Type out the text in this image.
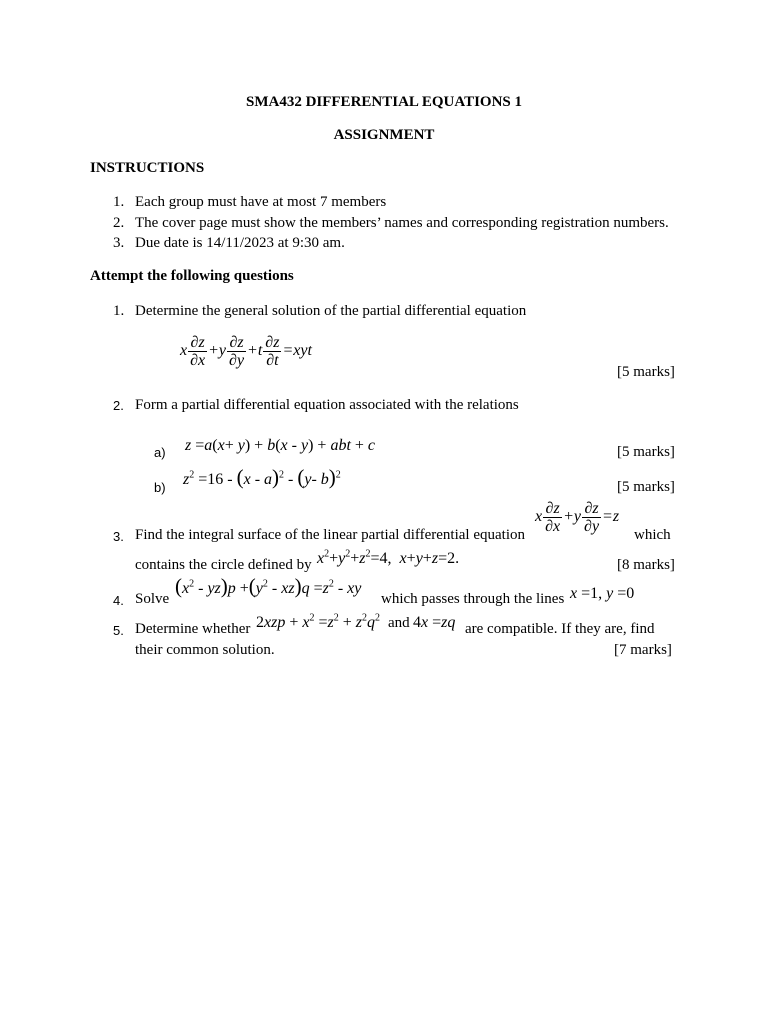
SMA432 DIFFERENTIAL EQUATIONS 1
ASSIGNMENT
INSTRUCTIONS
1. Each group must have at most 7 members
2. The cover page must show the members’ names and corresponding registration numbers.
3. Due date is 14/11/2023 at 9:30 am.
Attempt the following questions
1. Determine the general solution of the partial differential equation
x $\frac{\partial z}{\partial x} +y \frac{\partial z}{\partial y} +t \frac{\partial z}{\partial t} =xyt$
[5 marks]
2. Form a partial differential equation associated with the relations
a) z =a(x+ y) + b(x - y) + abt + c	[5 marks]
b) $z^2 =16 - (x - a)^2 - (y-$ b)$^2$
[5 marks]
x $\frac{\partial z}{\partial x} +y \frac{\partial z}{\partial y} =z$
3. Find the integral surface of the linear partial differential equation	which
contains the circle defined by $x^2+y^2+z^2=4$, x+y+z=2.	[8 marks]
4. Solve
$(x^2 - yz)p +(y^2 - xz)q =z^2$ - xy
which passes through the lines x =1, y =0
5. Determine whether $2xzp + x^2 =z^2 + z^2q^2$ and 4x =zq are compatible. If they are, find
their common solution.	[7 marks]
